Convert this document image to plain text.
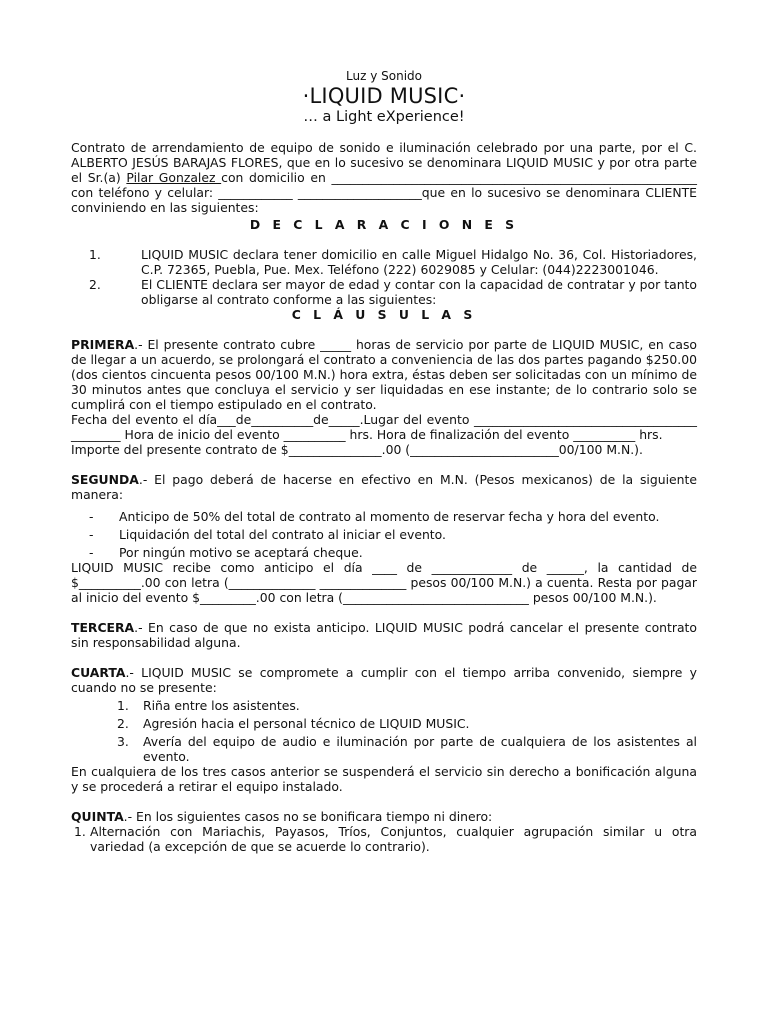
Luz y Sonido
·LIQUID MUSIC·
… a Light eXperience!

Contrato de arrendamiento de equipo de sonido e iluminación celebrado por una parte, por el C. ALBERTO JESÚS BARAJAS FLORES, que en lo sucesivo se denominara LIQUID MUSIC y por otra parte el Sr.(a) Pilar Gonzalez con domicilio en ___________________________________________________________ con teléfono y celular: ____________ ____________________que en lo sucesivo se denominara CLIENTE conviniendo en las siguientes:

D E C L A R A C I O N E S
1.	LIQUID MUSIC declara tener domicilio en calle Miguel Hidalgo No. 36, Col. Historiadores, C.P. 72365, Puebla, Pue. Mex. Teléfono (222) 6029085 y Celular: (044)2223001046.
2.	El CLIENTE declara ser mayor de edad y contar con la capacidad de contratar y por tanto obligarse al contrato conforme a las siguientes:
C L Á U S U L A S

PRIMERA.- El presente contrato cubre _____ horas de servicio por parte de LIQUID MUSIC, en caso de llegar a un acuerdo, se prolongará el contrato a conveniencia de las dos partes pagando $250.00 (dos cientos cincuenta pesos 00/100 M.N.) hora extra, éstas deben ser solicitadas con un mínimo de 30 minutos antes que concluya el servicio y ser liquidadas en ese instante; de lo contrario solo se cumplirá con el tiempo estipulado en el contrato.

Fecha del evento el día___de__________de_____.Lugar del evento ____________________________________ ________ Hora de inicio del evento __________ hrs. Hora de finalización del evento __________ hrs.

Importe del presente contrato de $_______________.00 (________________________00/100 M.N.).

SEGUNDA.- El pago deberá de hacerse en efectivo en M.N. (Pesos mexicanos) de la siguiente manera:

-	Anticipo de 50% del total de contrato al momento de reservar fecha y hora del evento.
-	Liquidación del total del contrato al iniciar el evento.
-	Por ningún motivo se aceptará cheque.

LIQUID MUSIC recibe como anticipo el día ____ de _____________ de ______, la cantidad de $__________.00 con letra (______________ ______________ pesos 00/100 M.N.) a cuenta. Resta por pagar al inicio del evento $_________.00 con letra (______________________________ pesos 00/100 M.N.).

TERCERA.- En caso de que no exista anticipo. LIQUID MUSIC podrá cancelar el presente contrato sin responsabilidad alguna.

CUARTA.- LIQUID MUSIC se compromete a cumplir con el tiempo arriba convenido, siempre y cuando no se presente:

1.	Riña entre los asistentes.
2.	Agresión hacia el personal técnico de LIQUID MUSIC.
3.	Avería del equipo de audio e iluminación por parte de cualquiera de los asistentes al evento.

En cualquiera de los tres casos anterior se suspenderá el servicio sin derecho a bonificación alguna y se procederá a retirar el equipo instalado.

QUINTA.- En los siguientes casos no se bonificara tiempo ni dinero:

1. Alternación con Mariachis, Payasos, Tríos, Conjuntos, cualquier agrupación similar u otra variedad (a excepción de que se acuerde lo contrario).
